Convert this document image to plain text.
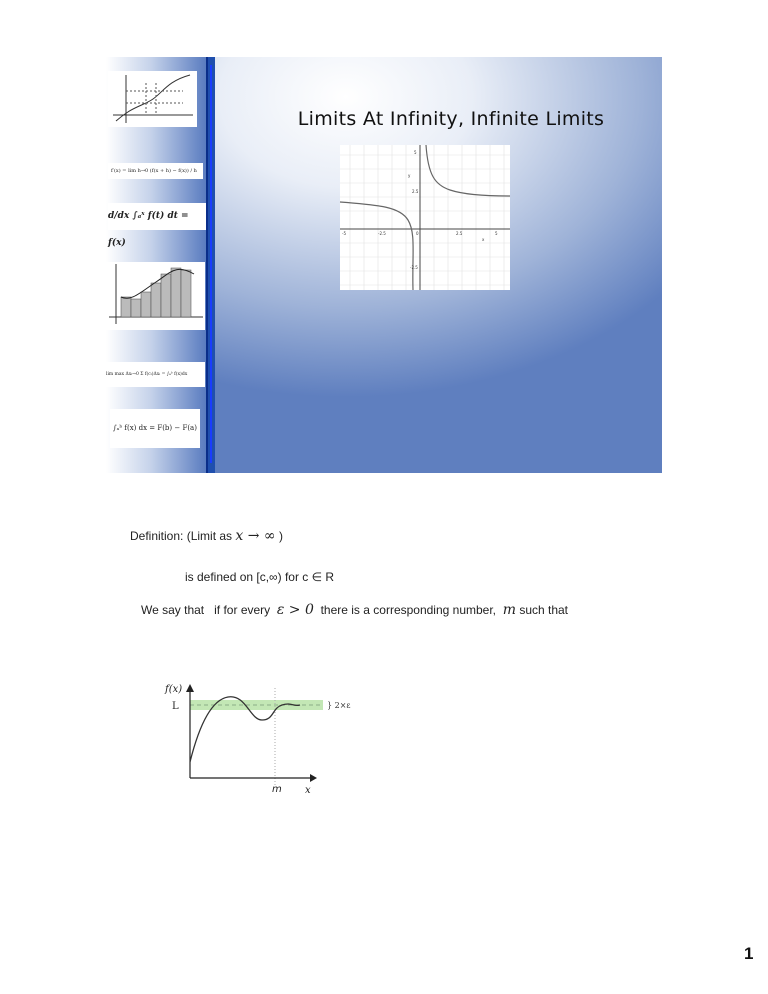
f′(x) = lim h→0 (f(x + h) − f(x)) / h
d/dx ∫ₐˣ f(t) dt = f(x)
lim max Δxᵢ→0 Σ f(cᵢ)Δxᵢ = ∫ₐᵇ f(x)dx
∫ₐᵇ f(x) dx = F(b) − F(a)
Limits At Infinity, Infinite Limits
-5	-2.5	0	2.5	5
5
2.5
-2.5
x
y
Definition: (Limit as x → ∞ )
is defined on [c,∞) for c ∈ R
We say that   if for every ε > 0 there is a corresponding number, m such that
f(x)
L	} 2×ε
m x
1
